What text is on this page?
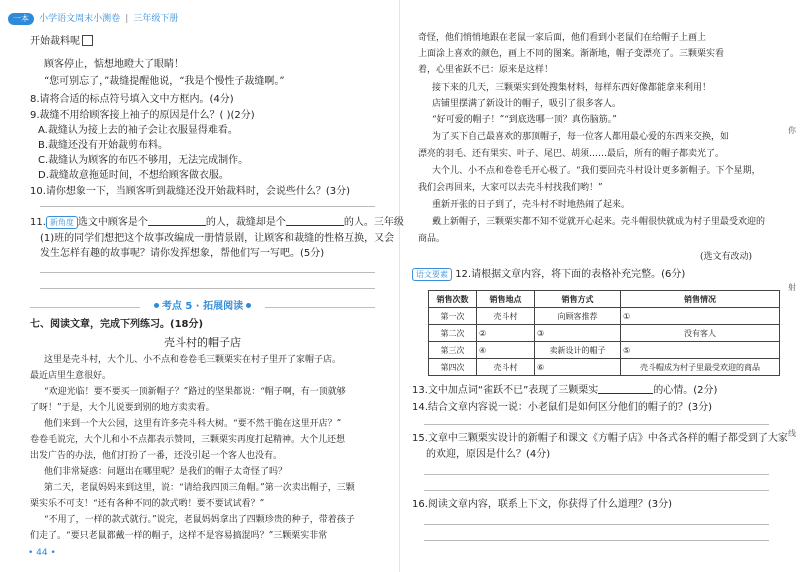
一本 小学语文周末小测卷 | 三年级下册
开始裁料呢
顾客停止，惦想地瞪大了眼睛！
“您可别忘了，”裁缝提醒他说，“我是个慢性子裁缝啊。”
8.请将合适的标点符号填入文中方框内。(4分)
9.裁缝不用给顾客接上袖子的原因是什么？( )(2分)
A.裁缝认为接上去的袖子会让衣服显得难看。
B.裁缝还没有开始裁剪布料。
C.裁缝认为顾客的布匹不够用，无法完成制作。
D.裁缝故意拖延时间，不想给顾客做衣服。
10.请你想象一下，当顾客听到裁缝还没开始裁料时，会说些什么？(3分)
11. 新角度 选文中顾客是个	的人，裁缝却是个	的人。三年级
(1)班的同学们想把这个故事改编成一册情景剧，让顾客和裁缝的性格互换，又会
发生怎样有趣的故事呢？请你发挥想象，帮他们写一写吧。(5分)
考点 5 · 拓展阅读
七、阅读文章，完成下列练习。(18分)
壳斗村的帽子店
这里是壳斗村，大个儿、小不点和卷卷毛三颗栗实在村子里开了家帽子店。
最近店里生意很好。
“欢迎光临！要不要买一顶新帽子？”路过的坚果都说：“帽子啊，有一顶就够
了呀！”于是，大个儿说要到别的地方卖卖看。
他们来到一个大公园，这里有许多壳斗科大树。“要不然干脆在这里开店？”
卷卷毛说完，大个儿和小不点都表示赞同，三颗栗实再度打起精神。大个儿还想
出发广告的办法，他们打扮了一番，还没引起一个客人也没有。
他们非常疑惑：问题出在哪里呢？是我们的帽子太奇怪了吗？
第二天，老鼠妈妈来到这里，说：“请给我四顶三角帽。”第一次卖出帽子，三颗
栗实乐不可支！“还有各种不同的款式哟！要不要试试看？”
“不用了，一样的款式就行。”说完，老鼠妈妈拿出了四颗珍贵的种子，带着孩子
们走了。“要只老鼠都戴一样的帽子，这样不是容易搞混吗？”三颗栗实非常
• 44 •
奇怪，他们悄悄地跟在老鼠一家后面，他们看到小老鼠们在给帽子上画上
上面涂上喜欢的颜色，画上不同的图案。渐渐地，帽子变漂亮了。三颗栗实看
着，心里雀跃不已：原来是这样！
接下来的几天，三颗栗实到处搜集材料，每样东西好像都能拿来利用！
店铺里摆满了新设计的帽子，吸引了很多客人。
“好可爱的帽子！”“到底选哪一顶？真伤脑筋。”
为了买下自己最喜欢的那顶帽子，每一位客人都用最心爱的东西来交换，如
漂亮的羽毛、还有果实、叶子、尾巴、胡须……最后，所有的帽子都卖光了。
大个儿、小不点和卷卷毛开心极了。“我们要回壳斗村设计更多新帽子。下个星期，
我们会再回来，大家可以去壳斗村找我们哟！”
重新开张的日子到了，壳斗村不时地热闹了起来。
戴上新帽子，三颗栗实都不知不觉就开心起来。壳斗帽很快就成为村子里最受欢迎的
商品。
(选文有改动)
语文要素 12.请根据文章内容，将下面的表格补充完整。(6分)
13.文中加点词“雀跃不已”表现了三颗栗实	的心情。(2分)
14.结合文章内容说一说：小老鼠们是如何区分他们的帽子的？(3分)
15.文章中三颗栗实设计的新帽子和课文《方帽子店》中各式各样的帽子都受到了大家
的欢迎，原因是什么？(4分)
16.阅读文章内容，联系上下文，你获得了什么道理？(3分)
你
射
线
销售次数	销售地点	销售方式	销售情况
第一次	壳斗村	向顾客推荐	①
第二次	②	③	没有客人
第三次	④	卖新设计的帽子	⑤
第四次	壳斗村	⑥	壳斗帽成为村子里最受欢迎的商品
